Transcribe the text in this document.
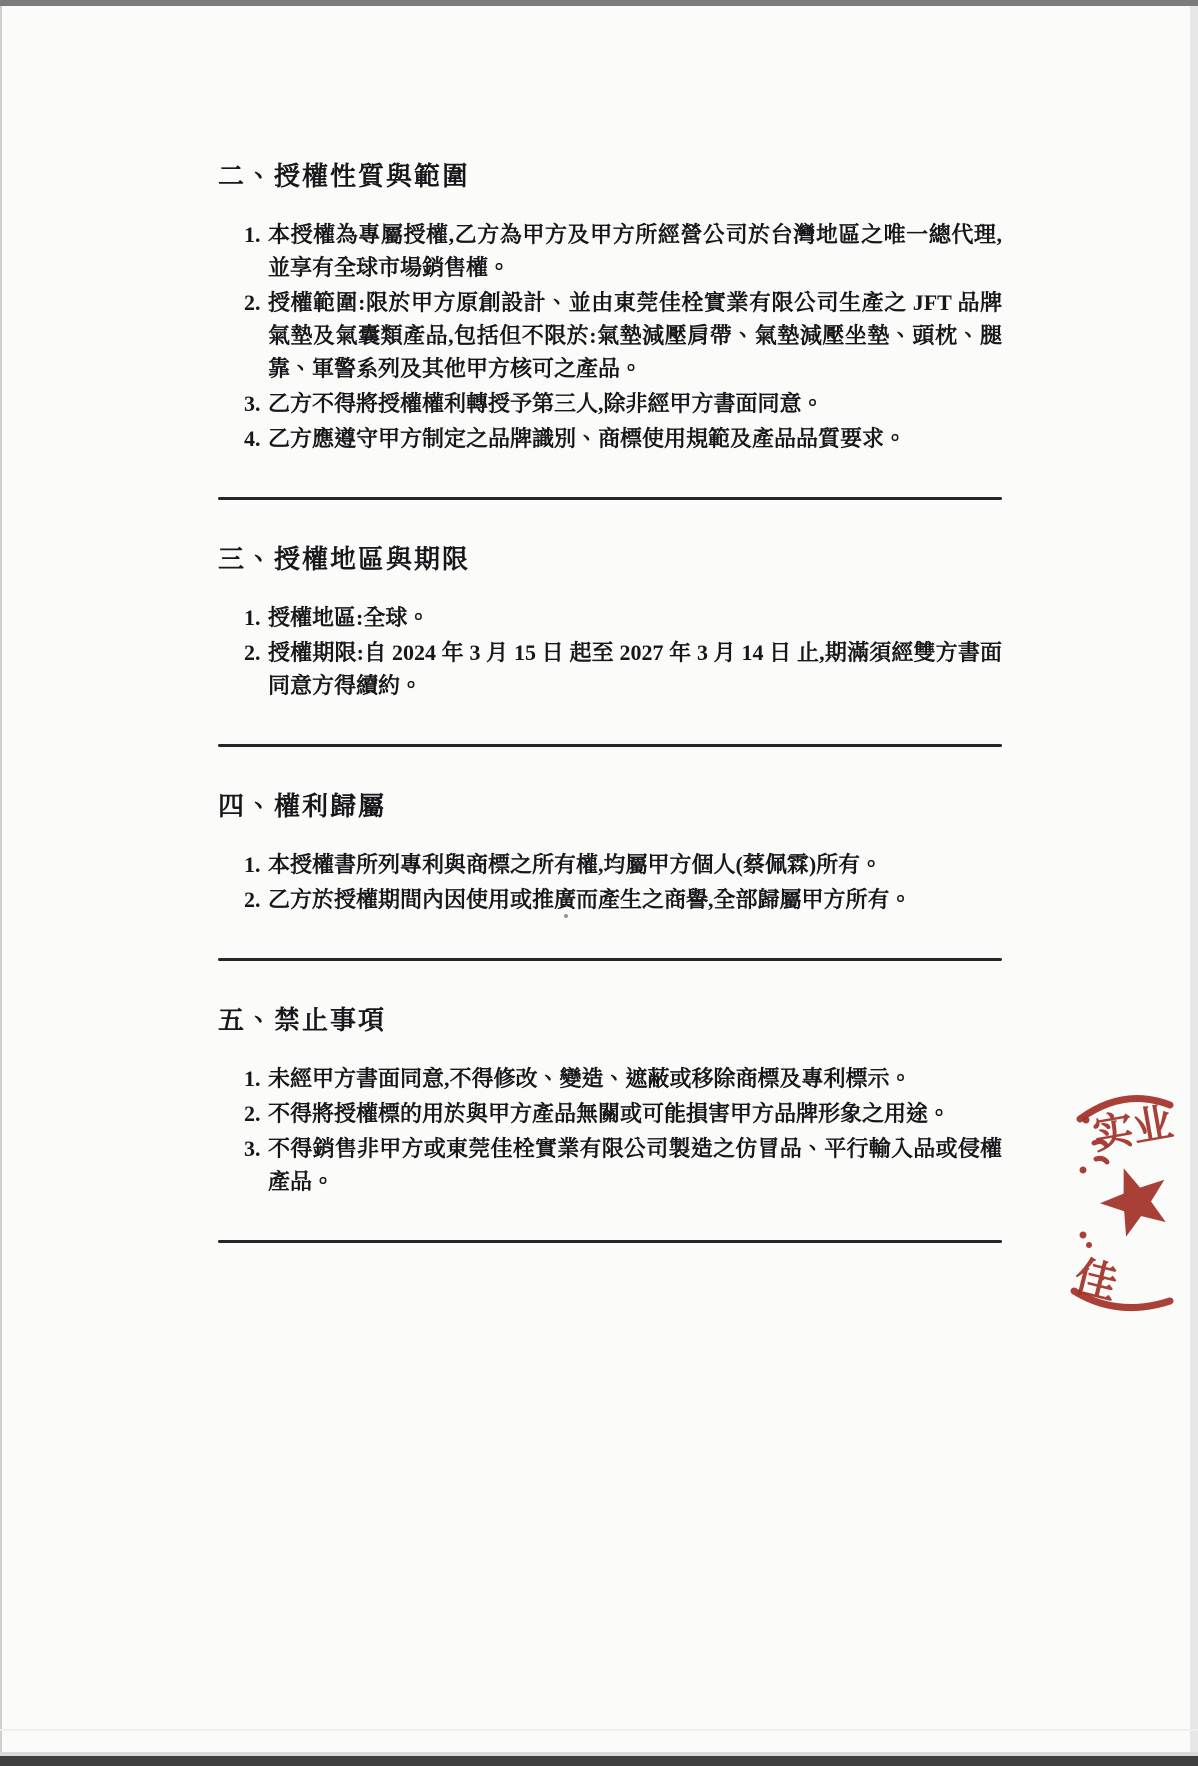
二、授權性質與範圍
1. 本授權為專屬授權,乙方為甲方及甲方所經營公司於台灣地區之唯一總代理,並享有全球市場銷售權。
2. 授權範圍:限於甲方原創設計、並由東莞佳栓實業有限公司生產之 JFT 品牌氣墊及氣囊類產品,包括但不限於:氣墊減壓肩帶、氣墊減壓坐墊、頭枕、腿靠、軍警系列及其他甲方核可之產品。
3. 乙方不得將授權權利轉授予第三人,除非經甲方書面同意。
4. 乙方應遵守甲方制定之品牌識別、商標使用規範及產品品質要求。
三、授權地區與期限
1. 授權地區:全球。
2. 授權期限:自 2024 年 3 月 15 日 起至 2027 年 3 月 14 日 止,期滿須經雙方書面同意方得續約。
四、權利歸屬
1. 本授權書所列專利與商標之所有權,均屬甲方個人(蔡佩霖)所有。
2. 乙方於授權期間內因使用或推廣而產生之商譽,全部歸屬甲方所有。
五、禁止事項
1. 未經甲方書面同意,不得修改、變造、遮蔽或移除商標及專利標示。
2. 不得將授權標的用於與甲方產品無關或可能損害甲方品牌形象之用途。
3. 不得銷售非甲方或東莞佳栓實業有限公司製造之仿冒品、平行輸入品或侵權產品。
实业
佳
